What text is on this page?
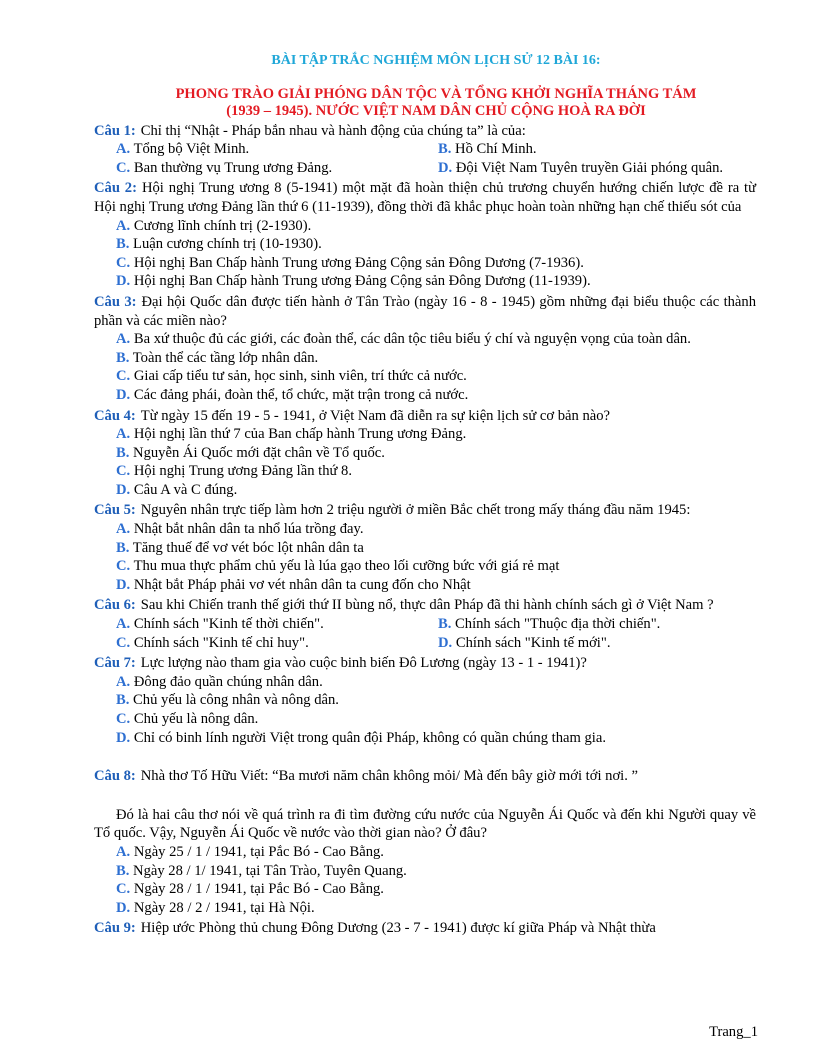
BÀI TẬP TRẮC NGHIỆM MÔN LỊCH SỬ 12 BÀI 16:
PHONG TRÀO GIẢI PHÓNG DÂN TỘC VÀ TỔNG KHỞI NGHĨA THÁNG TÁM
(1939 – 1945). NƯỚC VIỆT NAM DÂN CHỦ CỘNG HOÀ RA ĐỜI
Câu 1: Chỉ thị “Nhật - Pháp bắn nhau và hành động của chúng ta” là của:
A. Tổng bộ Việt Minh.	B. Hồ Chí Minh.
C. Ban thường vụ Trung ương Đảng.	D. Đội Việt Nam Tuyên truyền Giải phóng quân.
Câu 2: Hội nghị Trung ương 8 (5-1941) một mặt đã hoàn thiện chủ trương chuyển hướng chiến lược đề ra từ Hội nghị Trung ương Đảng lần thứ 6 (11-1939), đồng thời đã khắc phục hoàn toàn những hạn chế thiếu sót của
A. Cương lĩnh chính trị (2-1930).
B. Luận cương chính trị (10-1930).
C. Hội nghị Ban Chấp hành Trung ương Đảng Cộng sản Đông Dương (7-1936).
D. Hội nghị Ban Chấp hành Trung ương Đảng Cộng sản Đông Dương (11-1939).
Câu 3: Đại hội Quốc dân được tiến hành ở Tân Trào (ngày 16 - 8 - 1945) gồm những đại biểu thuộc các thành phần và các miền nào?
A. Ba xứ thuộc đủ các giới, các đoàn thể, các dân tộc tiêu biểu ý chí và nguyện vọng của toàn dân.
B. Toàn thể các tầng lớp nhân dân.
C. Giai cấp tiểu tư sản, học sinh, sinh viên, trí thức cả nước.
D. Các đảng phái, đoàn thể, tổ chức, mặt trận trong cả nước.
Câu 4: Từ ngày 15 đến 19 - 5 - 1941, ở Việt Nam đã diễn ra sự kiện lịch sử cơ bản nào?
A. Hội nghị lần thứ 7 của Ban chấp hành Trung ương Đảng.
B. Nguyễn Ái Quốc mới đặt chân về Tổ quốc.
C. Hội nghị Trung ương Đảng lần thứ 8.
D. Câu A và C đúng.
Câu 5: Nguyên nhân trực tiếp làm hơn 2 triệu người ở miền Bắc chết trong mấy tháng đầu năm 1945:
A. Nhật bắt nhân dân ta nhổ lúa trồng đay.
B. Tăng thuế để vơ vét bóc lột nhân dân ta
C. Thu mua thực phẩm chủ yếu là lúa gạo theo lối cưỡng bức với giá rẻ mạt
D. Nhật bắt Pháp phải vơ vét nhân dân ta cung đốn cho Nhật
Câu 6: Sau khi Chiến tranh thế giới thứ II bùng nổ, thực dân Pháp đã thi hành chính sách gì ở Việt Nam ?
A. Chính sách "Kinh tế thời chiến".	B. Chính sách "Thuộc địa thời chiến".
C. Chính sách "Kinh tế chỉ huy".	D. Chính sách "Kinh tế mới".
Câu 7: Lực lượng nào tham gia vào cuộc binh biến Đô Lương (ngày 13 - 1 - 1941)?
A. Đông đảo quần chúng nhân dân.
B. Chủ yếu là công nhân và nông dân.
C. Chủ yếu là nông dân.
D. Chỉ có binh lính người Việt trong quân đội Pháp, không có quần chúng tham gia.
Câu 8: Nhà thơ Tố Hữu Viết: “Ba mươi năm chân không mỏi/ Mà đến bây giờ mới tới nơi. ”
Đó là hai câu thơ nói về quá trình ra đi tìm đường cứu nước của Nguyễn Ái Quốc và đến khi Người quay về Tổ quốc. Vậy, Nguyễn Ái Quốc về nước vào thời gian nào? Ở đâu?
A. Ngày 25 / 1 / 1941, tại Pắc Bó - Cao Bằng.
B. Ngày 28 / 1/ 1941, tại Tân Trào, Tuyên Quang.
C. Ngày 28 / 1 / 1941, tại Pắc Bó - Cao Bằng.
D. Ngày 28 / 2 / 1941, tại Hà Nội.
Câu 9: Hiệp ước Phòng thủ chung Đông Dương (23 - 7 - 1941) được kí giữa Pháp và Nhật thừa
Trang_1
